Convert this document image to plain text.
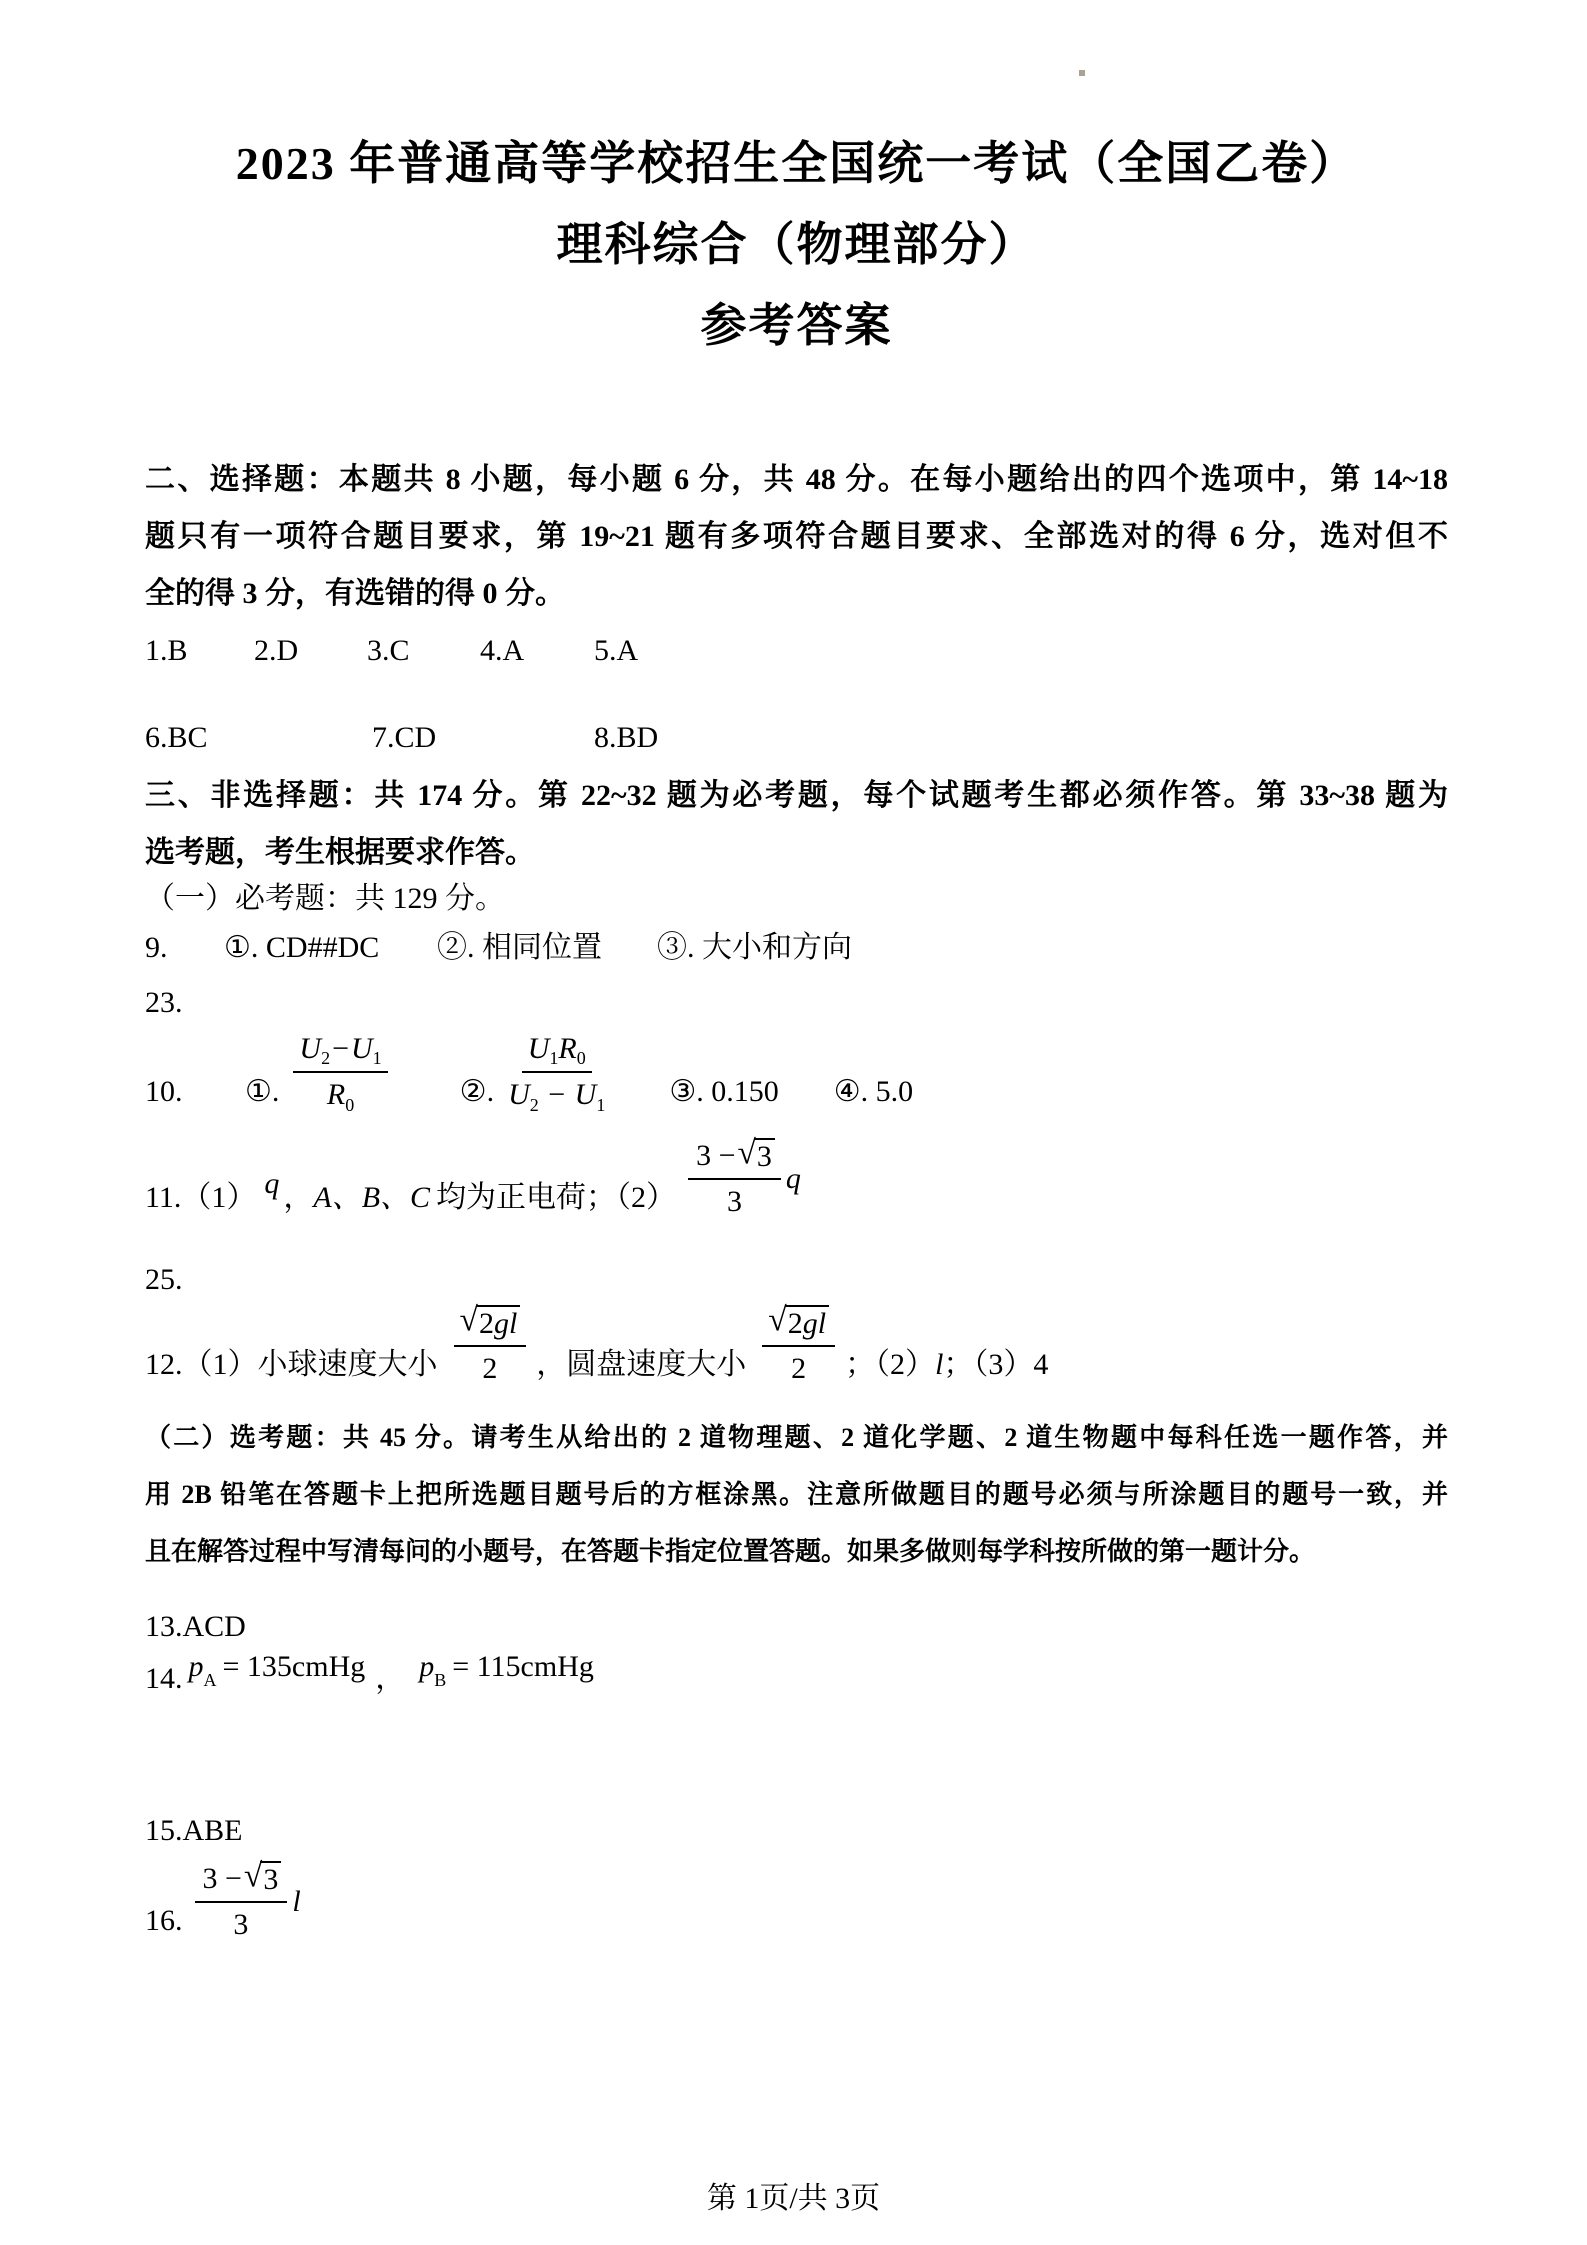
2023 年普通高等学校招生全国统一考试（全国乙卷）
理科综合（物理部分）
参考答案
二、选择题：本题共 8 小题，每小题 6 分，共 48 分。在每小题给出的四个选项中，第 14~18
题只有一项符合题目要求，第 19~21 题有多项符合题目要求、全部选对的得 6 分，选对但不
全的得 3 分，有选错的得 0 分。
1.B	2.D	3.C	4.A	5.A
6.BC	7.CD	8.BD
三、非选择题：共 174 分。第 22~32 题为必考题，每个试题考生都必须作答。第 33~38 题为
选考题，考生根据要求作答。
（一）必考题：共 129 分。
9.	①. CD##DC	②. 相同位置	③. 大小和方向
23.
10.	①. $\frac{U_2 - U_1}{R_0}$ ②. $\frac{U_1 R_0}{U_2 - U_1}$ ③. 0.150 ④. 5.0
11.（1） q ， A、B、C 均为正电荷；$(2) \frac{3 - √ 3}{3}$ q
25.
12.（1）小球速度大小 $\frac{√ 2gl}{2}$ ，圆盘速度大小 $\frac{√ 2gl}{2}$ ；（2） l ；（3）4
（二）选考题：共 45 分。请考生从给出的 2 道物理题、2 道化学题、2 道生物题中每科任选一题作答，并
用 2B 铅笔在答题卡上把所选题目题号后的方框涂黑。注意所做题目的题号必须与所涂题目的题号一致，并
且在解答过程中写清每问的小题号，在答题卡指定位置答题。如果多做则每学科按所做的第一题计分。
13.ACD
14. $p_A$ = 135cmHg ， $p_B$ = 115cmHg
15.ABE
16. $\frac{3 - √ 3}{3}$ l
第 1页/共 3页
